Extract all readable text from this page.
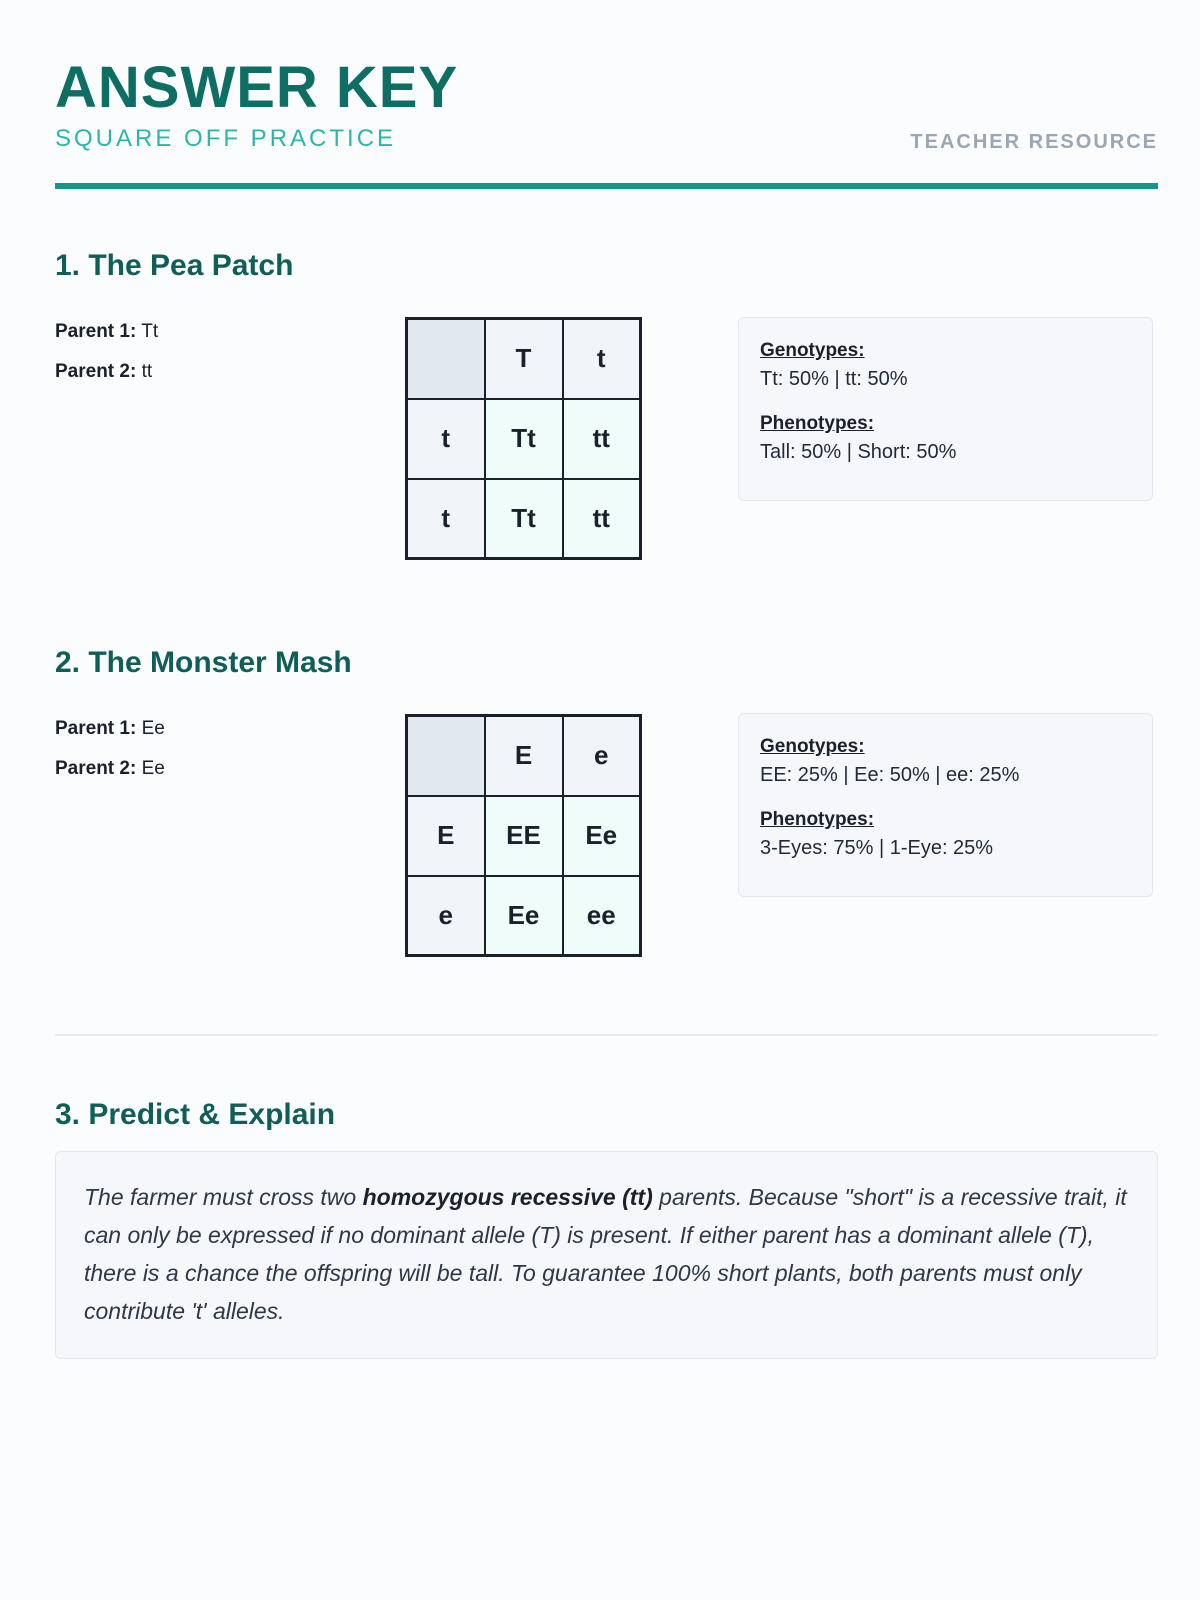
ANSWER KEY
SQUARE OFF PRACTICE	TEACHER RESOURCE
1. The Pea Patch
Parent 1: Tt
Parent 2: tt
		T	t
t	Tt	tt
t	Tt	tt
Genotypes:
Tt: 50% | tt: 50%
Phenotypes:
Tall: 50% | Short: 50%
2. The Monster Mash
Parent 1: Ee
Parent 2: Ee
		E	e
E	EE	Ee
e	Ee	ee
Genotypes:
EE: 25% | Ee: 50% | ee: 25%
Phenotypes:
3-Eyes: 75% | 1-Eye: 25%
3. Predict & Explain
The farmer must cross two homozygous recessive (tt) parents. Because "short" is a recessive trait, it can only be expressed if no dominant allele (T) is present. If either parent has a dominant allele (T), there is a chance the offspring will be tall. To guarantee 100% short plants, both parents must only contribute 't' alleles.
